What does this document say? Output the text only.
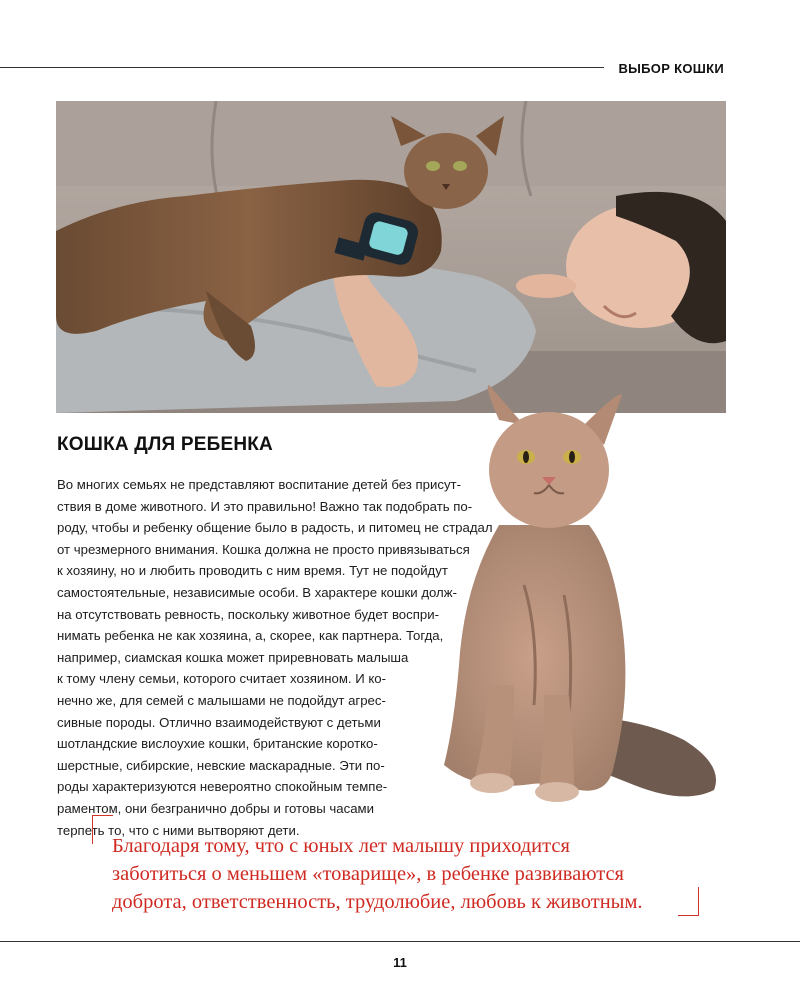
ВЫБОР КОШКИ
КОШКА ДЛЯ РЕБЕНКА

Во многих семьях не представляют воспитание детей без присут-
ствия в доме животного. И это правильно! Важно так подобрать по-
роду, чтобы и ребенку общение было в радость, и питомец не страдал
от чрезмерного внимания. Кошка должна не просто привязываться
к хозяину, но и любить проводить с ним время. Тут не подойдут
самостоятельные, независимые особи. В характере кошки долж-
на отсутствовать ревность, поскольку животное будет воспри-
нимать ребенка не как хозяина, а, скорее, как партнера. Тогда,
например, сиамская кошка может приревновать малыша
к тому члену семьи, которого считает хозяином. И ко-
нечно же, для семей с малышами не подойдут агрес-
сивные породы. Отлично взаимодействуют с детьми
шотландские вислоухие кошки, британские коротко-
шерстные, сибирские, невские маскарадные. Эти по-
роды характеризуются невероятно спокойным темпе-
раментом, они безгранично добры и готовы часами
терпеть то, что с ними вытворяют дети.

Благодаря тому, что с юных лет малышу приходится
заботиться о меньшем «товарище», в ребенке развиваются
доброта, ответственность, трудолюбие, любовь к животным.

11
